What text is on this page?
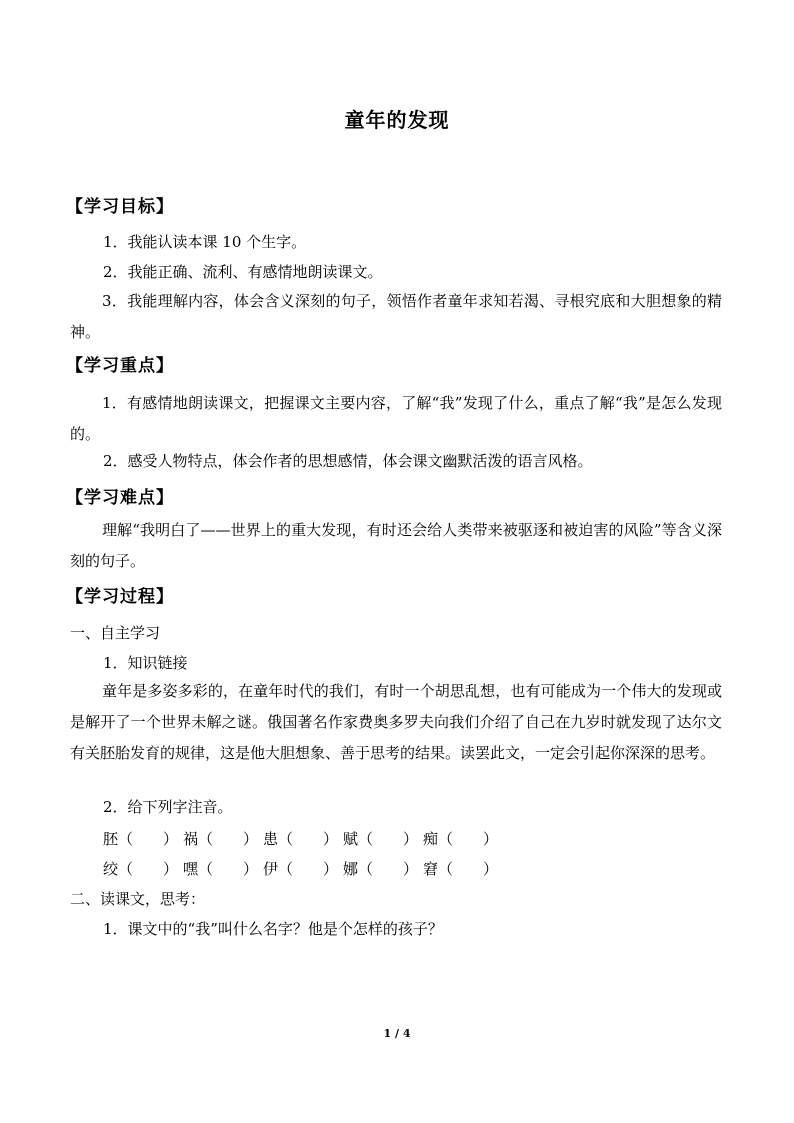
童年的发现
【学习目标】
1．我能认读本课 10 个生字。
2．我能正确、流利、有感情地朗读课文。
3．我能理解内容，体会含义深刻的句子，领悟作者童年求知若渴、寻根究底和大胆想象的精神。
【学习重点】
1．有感情地朗读课文，把握课文主要内容，了解“我”发现了什么，重点了解“我”是怎么发现的。
2．感受人物特点，体会作者的思想感情，体会课文幽默活泼的语言风格。
【学习难点】
理解“我明白了——世界上的重大发现，有时还会给人类带来被驱逐和被迫害的风险”等含义深刻的句子。
【学习过程】
一、自主学习
1．知识链接
童年是多姿多彩的，在童年时代的我们，有时一个胡思乱想，也有可能成为一个伟大的发现或是解开了一个世界未解之谜。俄国著名作家费奥多罗夫向我们介绍了自己在九岁时就发现了达尔文有关胚胎发育的规律，这是他大胆想象、善于思考的结果。读罢此文，一定会引起你深深的思考。
2．给下列字注音。
胚（　　） 祸（　　） 患（　　） 赋（　　） 痴（　　）
绞（　　） 嘿（　　） 伊（　　） 娜（　　） 窘（　　）
二、读课文，思考：
1．课文中的“我”叫什么名字？他是个怎样的孩子？
1 / 4
